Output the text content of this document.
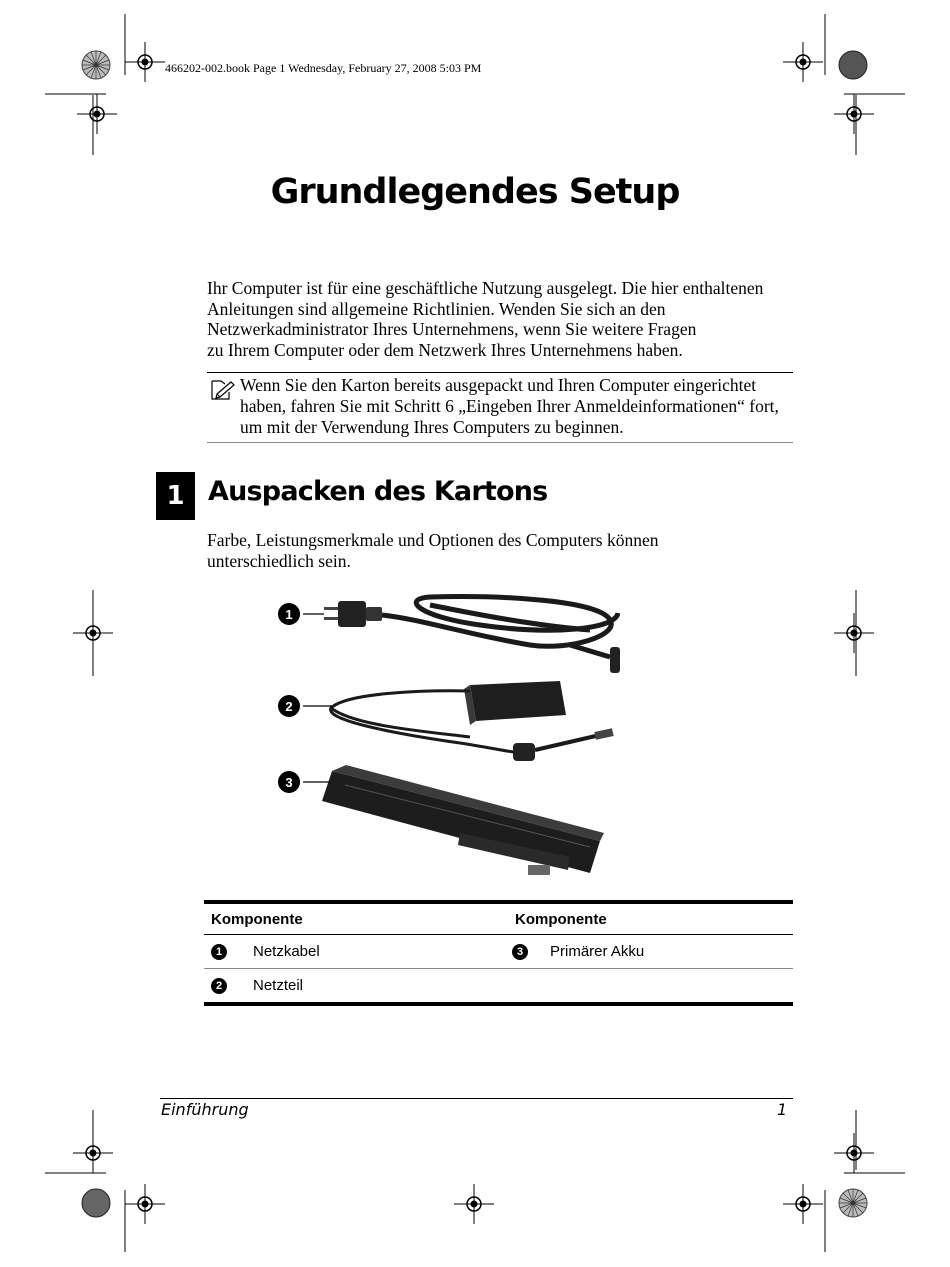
466202-002.book Page 1 Wednesday, February 27, 2008 5:03 PM
Grundlegendes Setup
Ihr Computer ist für eine geschäftliche Nutzung ausgelegt. Die hier enthaltenen
Anleitungen sind allgemeine Richtlinien. Wenden Sie sich an den
Netzwerkadministrator Ihres Unternehmens, wenn Sie weitere Fragen
zu Ihrem Computer oder dem Netzwerk Ihres Unternehmens haben.
Wenn Sie den Karton bereits ausgepackt und Ihren Computer eingerichtet
haben, fahren Sie mit Schritt 6 „Eingeben Ihrer Anmeldeinformationen“ fort,
um mit der Verwendung Ihres Computers zu beginnen.
1 Auspacken des Kartons
Farbe, Leistungsmerkmale und Optionen des Computers können
unterschiedlich sein.
1
2
3
Komponente		Komponente	
1	Netzkabel	3	Primärer Akku
2	Netzteil		
Einführung	1
